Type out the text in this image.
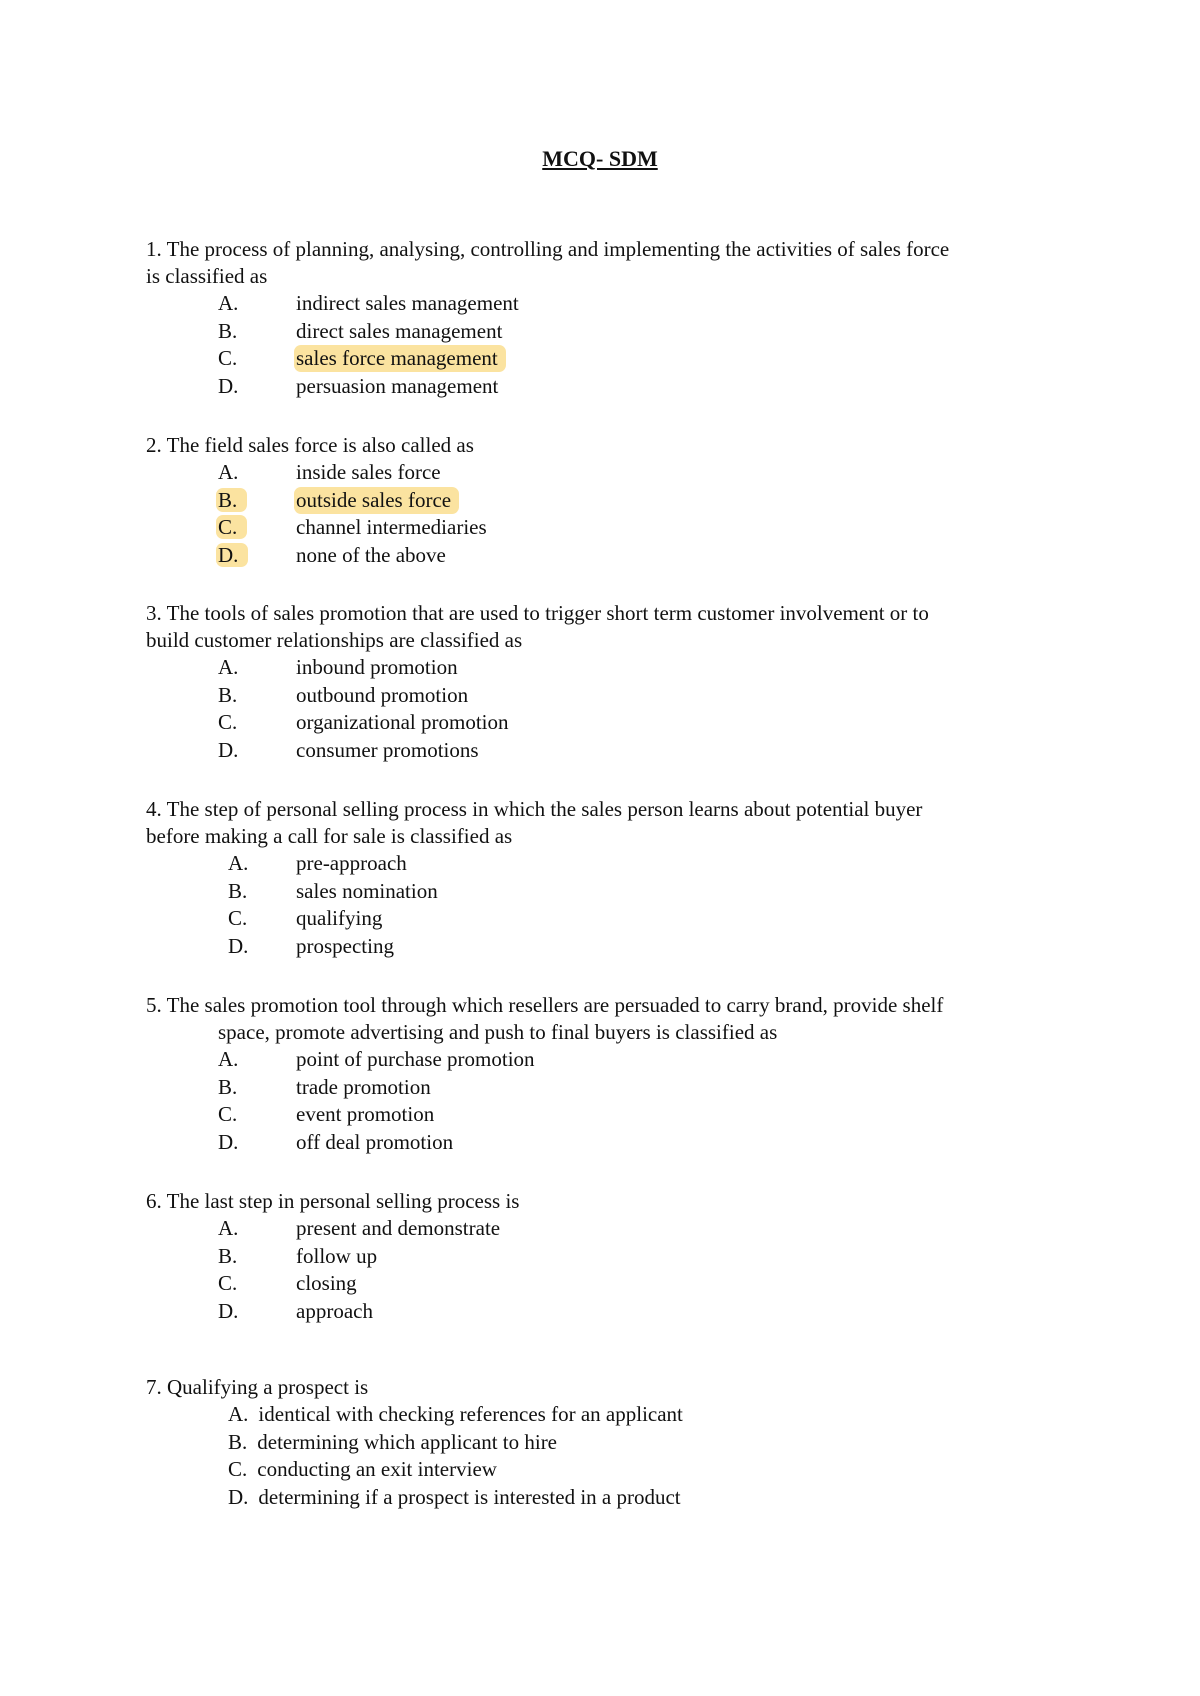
MCQ- SDM
1. The process of planning, analysing, controlling and implementing the activities of sales force
is classified as
A.	indirect sales management
B.	direct sales management
C.	sales force management
D.	persuasion management
2. The field sales force is also called as
A.	inside sales force
B.	outside sales force
C.	channel intermediaries
D.	none of the above
3. The tools of sales promotion that are used to trigger short term customer involvement or to
build customer relationships are classified as
A.	inbound promotion
B.	outbound promotion
C.	organizational promotion
D.	consumer promotions
4. The step of personal selling process in which the sales person learns about potential buyer
before making a call for sale is classified as
A.	pre-approach
B.	sales nomination
C.	qualifying
D.	prospecting
5. The sales promotion tool through which resellers are persuaded to carry brand, provide shelf
space, promote advertising and push to final buyers is classified as
A.	point of purchase promotion
B.	trade promotion
C.	event promotion
D.	off deal promotion
6. The last step in personal selling process is
A.	present and demonstrate
B.	follow up
C.	closing
D.	approach
7. Qualifying a prospect is
A. identical with checking references for an applicant
B. determining which applicant to hire
C. conducting an exit interview
D. determining if a prospect is interested in a product
